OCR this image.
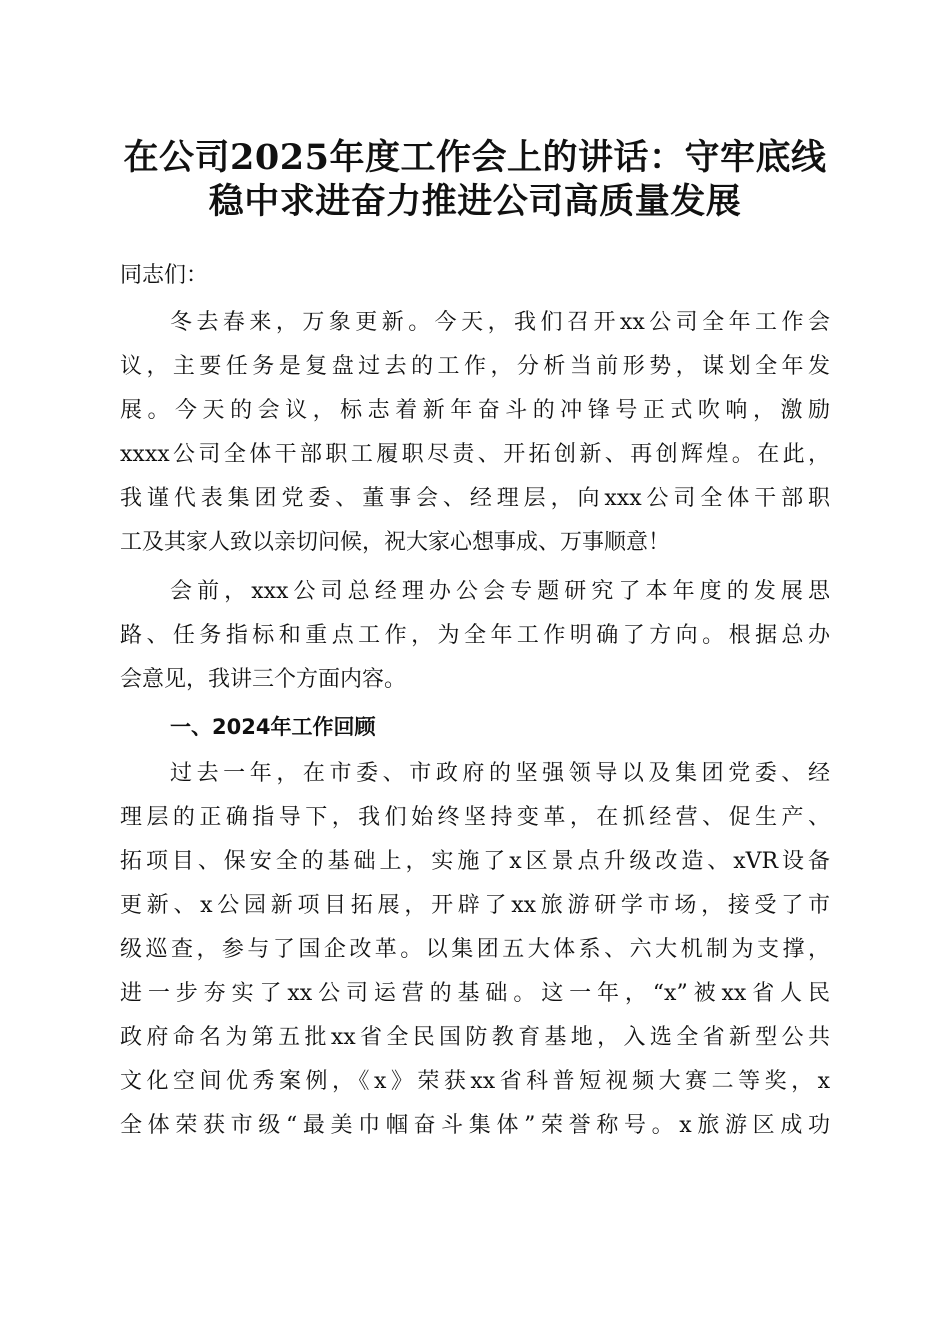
在公司2025年度工作会上的讲话：守牢底线
稳中求进奋力推进公司高质量发展
同志们：
冬去春来，万象更新。今天，我们召开xx公司全年工作会
议，主要任务是复盘过去的工作，分析当前形势，谋划全年发
展。今天的会议，标志着新年奋斗的冲锋号正式吹响，激励
xxxx公司全体干部职工履职尽责、开拓创新、再创辉煌。在此，
我谨代表集团党委、董事会、经理层，向xxx公司全体干部职
工及其家人致以亲切问候，祝大家心想事成、万事顺意！
会前，xxx公司总经理办公会专题研究了本年度的发展思
路、任务指标和重点工作，为全年工作明确了方向。根据总办
会意见，我讲三个方面内容。
一、2024年工作回顾
过去一年，在市委、市政府的坚强领导以及集团党委、经
理层的正确指导下，我们始终坚持变革，在抓经营、促生产、
拓项目、保安全的基础上，实施了x区景点升级改造、xVR设备
更新、x公园新项目拓展，开辟了xx旅游研学市场，接受了市
级巡查，参与了国企改革。以集团五大体系、六大机制为支撑，
进一步夯实了xx公司运营的基础。这一年，“x”被xx省人民
政府命名为第五批xx省全民国防教育基地，入选全省新型公共
文化空间优秀案例，《x》荣获xx省科普短视频大赛二等奖，x
全体荣获市级“最美巾帼奋斗集体”荣誉称号。x旅游区成功
